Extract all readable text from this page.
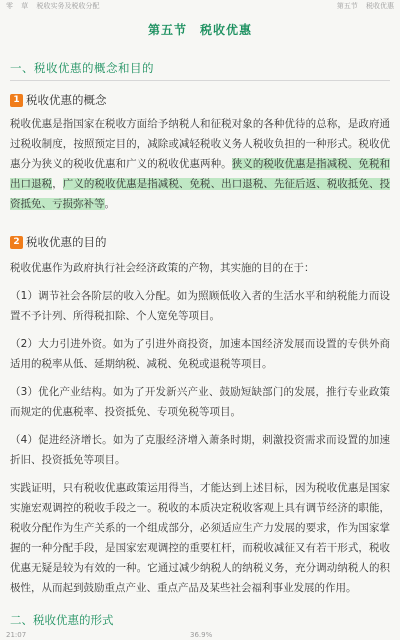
零 草 税收实务及税收分配	第五节 税收优惠
第五节　税收优惠
一、税收优惠的概念和目的
1 税收优惠的概念
税收优惠是指国家在税收方面给予纳税人和征税对象的各种优待的总称，是政府通过税收制度，按照预定目的，减除或减轻税收义务人税收负担的一种形式。税收优惠分为狭义的税收优惠和广义的税收优惠两种。狭义的税收优惠是指减税、免税和出口退税，广义的税收优惠是指减税、免税、出口退税、先征后返、税收抵免、投资抵免、亏损弥补等。
2 税收优惠的目的
税收优惠作为政府执行社会经济政策的产物，其实施的目的在于：
（1）调节社会各阶层的收入分配。如为照顾低收入者的生活水平和纳税能力而设置不予计列、所得税扣除、个人宽免等项目。
（2）大力引进外资。如为了引进外商投资，加速本国经济发展而设置的专供外商适用的税率从低、延期纳税、减税、免税或退税等项目。
（3）优化产业结构。如为了开发新兴产业、鼓励短缺部门的发展，推行专业政策而规定的优惠税率、投资抵免、专项免税等项目。
（4）促进经济增长。如为了克服经济增入萧条时期，刺激投资需求而设置的加速折旧、投资抵免等项目。
实践证明，只有税收优惠政策运用得当，才能达到上述目标，因为税收优惠是国家实施宏观调控的税收手段之一。税收的本质决定税收客观上具有调节经济的职能，税收分配作为生产关系的一个组成部分，必须适应生产力发展的要求，作为国家掌握的一种分配手段，是国家宏观调控的重要杠杆，而税收减征又有若干形式，税收优惠无疑是较为有效的一种。它通过减少纳税人的纳税义务，充分调动纳税人的积极性，从而起到鼓励重点产业、重点产品及某些社会福利事业发展的作用。
二、税收优惠的形式
21:07	36.9%
